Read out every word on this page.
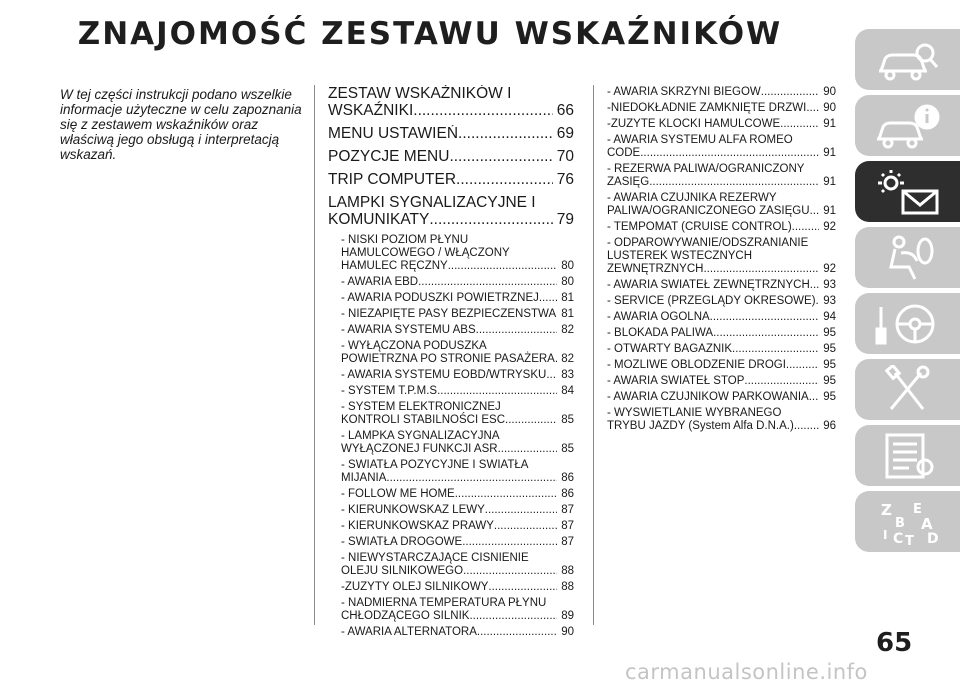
ZNAJOMOŚĆ ZESTAWU WSKAŹNIKÓW

W tej części instrukcji podano wszelkie informacje użyteczne w celu zapoznania się z zestawem wskaźników oraz właściwą jego obsługą i interpretacją wskazań.

ZESTAW WSKAŹNIKÓW I WSKAŹNIKI .....	66
MENU USTAWIEŃ .....	69
POZYCJE MENU .....	70
TRIP COMPUTER .....	76
LAMPKI SYGNALIZACYJNE I KOMUNIKATY .....	79
- NISKI POZIOM PŁYNU HAMULCOWEGO / WŁĄCZONY HAMULEC RĘCZNY .....	80
- AWARIA EBD .....	80
- AWARIA PODUSZKI POWIETRZNEJ .....	81
- NIEZAPIĘTE PASY BEZPIECZEŃSTWA ..... 81
- AWARIA SYSTEMU ABS .....	82
- WYŁĄCZONA PODUSZKA POWIETRZNA PO STRONIE PASAŻERA ..... 82
- AWARIA SYSTEMU EOBD/WTRYSKU .....	83
- SYSTEM T.P.M.S. .....	84
- SYSTEM ELEKTRONICZNEJ KONTROLI STABILNOŚCI ESC .....	85
- LAMPKA SYGNALIZACYJNA WYŁĄCZONEJ FUNKCJI ASR .....	85
- ŚWIATŁA POZYCYJNE I ŚWIATŁA MIJANIA .....	86
- FOLLOW ME HOME .....	86
- KIERUNKOWSKAZ LEWY .....	87
- KIERUNKOWSKAZ PRAWY .....	87
- ŚWIATŁA DROGOWE .....	87
- NIEWYSTARCZAJĄCE CIŚNIENIE OLEJU SILNIKOWEGO .....	88
-ZUŻYTY OLEJ SILNIKOWY .....	88
- NADMIERNA TEMPERATURA PŁYNU CHŁODZĄCEGO SILNIK .....	89
- AWARIA ALTERNATORA .....	90
- AWARIA SKRZYNI BIEGÓW .....	90
-NIEDOKŁADNIE ZAMKNIĘTE DRZWI .....	90
-ZUŻYTE KLOCKI HAMULCOWE .....	91
- AWARIA SYSTEMU ALFA ROMEO CODE .....	91
- REZERWA PALIWA/OGRANICZONY ZASIĘG .....	91
- AWARIA CZUJNIKA REZERWY PALIWA/OGRANICZONEGO ZASIĘGU .....	91
- TEMPOMAT (CRUISE CONTROL) .....	92
- ODPAROWYWANIE/ODSZRANIANIE LUSTEREK WSTECZNYCH ZEWNĘTRZNYCH .....	92
- AWARIA ŚWIATEŁ ZEWNĘTRZNYCH .....	93
- SERVICE (PRZEGLĄDY OKRESOWE) ..... 93
- AWARIA OGÓLNA .....	94
- BLOKADA PALIWA .....	95
- OTWARTY BAGAŻNIK .....	95
- MOŻLIWE OBLODZENIE DROGI .....	95
- AWARIA ŚWIATEŁ STOP .....	95
- AWARIA CZUJNIKÓW PARKOWANIA .....	95
- WYŚWIETLANIE WYBRANEGO TRYBU JAZDY (System Alfa D.N.A.) .....	96
Z E
B A
I C T D
65
carmanualsonline.info
